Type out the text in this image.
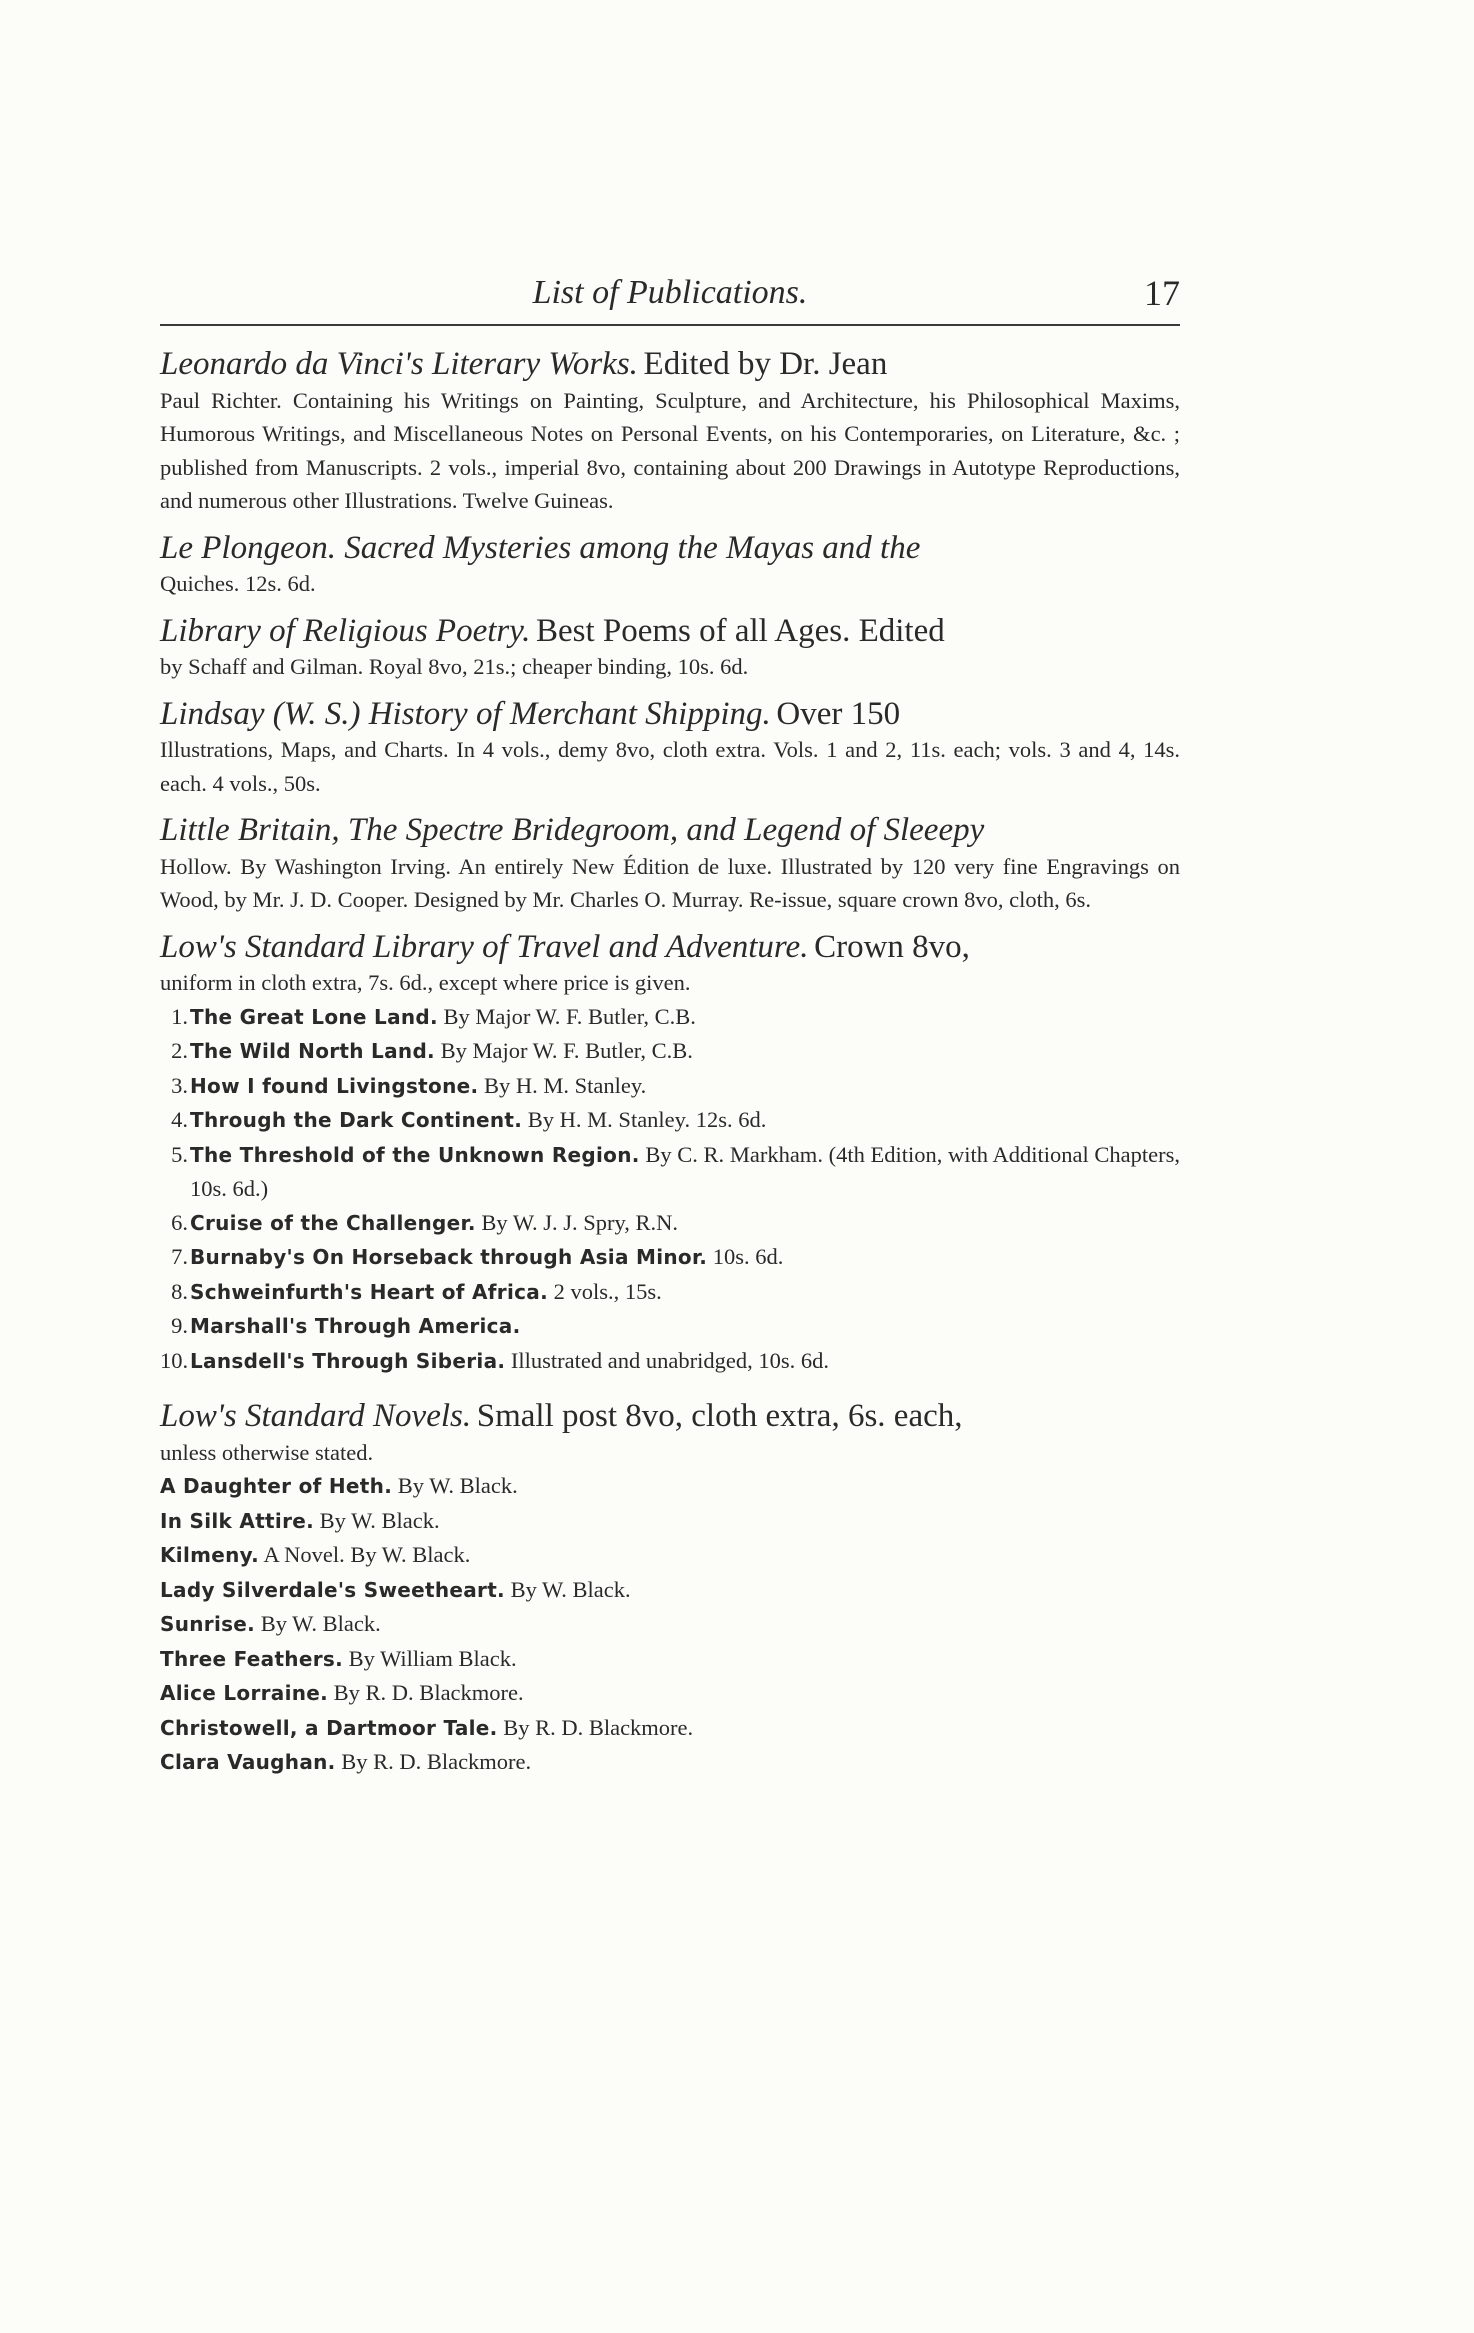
List of Publications.	17
Leonardo da Vinci's Literary Works. Edited by Dr. Jean
Paul Richter. Containing his Writings on Painting, Sculpture, and Architecture, his Philosophical Maxims, Humorous Writings, and Miscellaneous Notes on Personal Events, on his Contemporaries, on Literature, &c. ; published from Manuscripts. 2 vols., imperial 8vo, containing about 200 Drawings in Autotype Reproductions, and numerous other Illustrations. Twelve Guineas.
Le Plongeon. Sacred Mysteries among the Mayas and the
Quiches. 12s. 6d.
Library of Religious Poetry. Best Poems of all Ages. Edited
by Schaff and Gilman. Royal 8vo, 21s.; cheaper binding, 10s. 6d.
Lindsay (W. S.) History of Merchant Shipping. Over 150
Illustrations, Maps, and Charts. In 4 vols., demy 8vo, cloth extra. Vols. 1 and 2, 11s. each; vols. 3 and 4, 14s. each. 4 vols., 50s.
Little Britain, The Spectre Bridegroom, and Legend of Sleeepy
Hollow. By Washington Irving. An entirely New Édition de luxe. Illustrated by 120 very fine Engravings on Wood, by Mr. J. D. Cooper. Designed by Mr. Charles O. Murray. Re-issue, square crown 8vo, cloth, 6s.
Low's Standard Library of Travel and Adventure. Crown 8vo,
uniform in cloth extra, 7s. 6d., except where price is given.
1. The Great Lone Land. By Major W. F. Butler, C.B.
2. The Wild North Land. By Major W. F. Butler, C.B.
3. How I found Livingstone. By H. M. Stanley.
4. Through the Dark Continent. By H. M. Stanley. 12s. 6d.
5. The Threshold of the Unknown Region. By C. R. Markham. (4th Edition, with Additional Chapters, 10s. 6d.)
6. Cruise of the Challenger. By W. J. J. Spry, R.N.
7. Burnaby's On Horseback through Asia Minor. 10s. 6d.
8. Schweinfurth's Heart of Africa. 2 vols., 15s.
9. Marshall's Through America.
10. Lansdell's Through Siberia. Illustrated and unabridged, 10s. 6d.
Low's Standard Novels. Small post 8vo, cloth extra, 6s. each,
unless otherwise stated.
A Daughter of Heth. By W. Black.
In Silk Attire. By W. Black.
Kilmeny. A Novel. By W. Black.
Lady Silverdale's Sweetheart. By W. Black.
Sunrise. By W. Black.
Three Feathers. By William Black.
Alice Lorraine. By R. D. Blackmore.
Christowell, a Dartmoor Tale. By R. D. Blackmore.
Clara Vaughan. By R. D. Blackmore.
